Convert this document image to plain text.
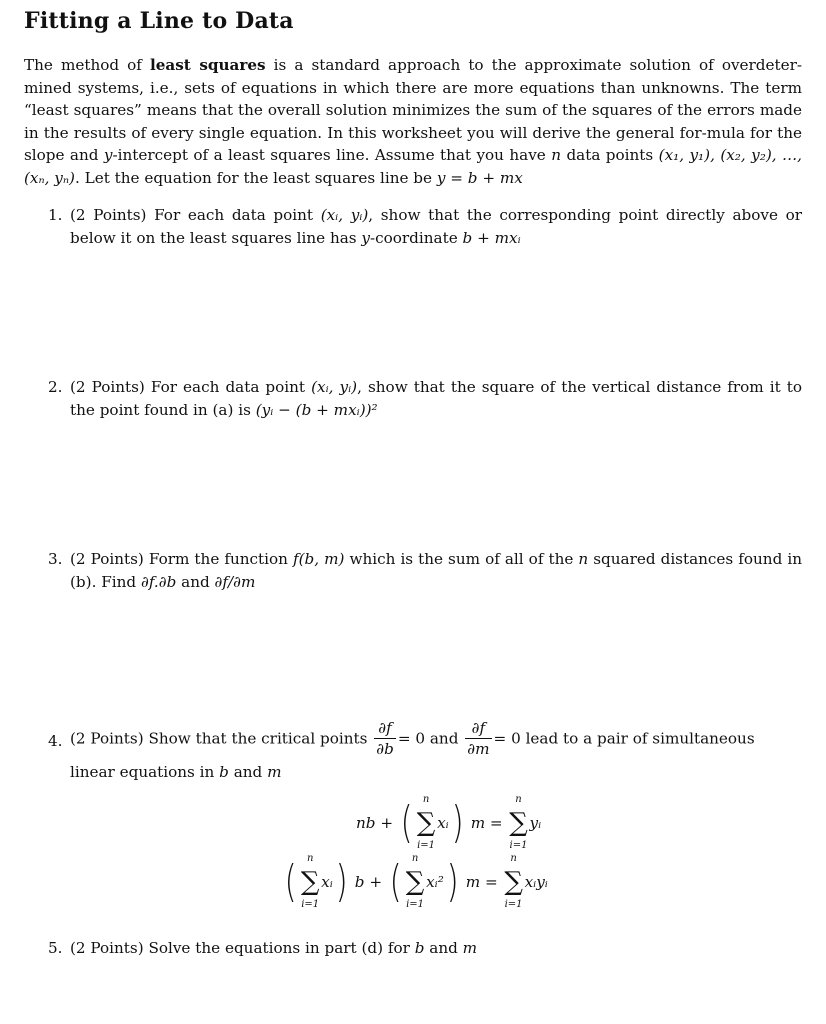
Fitting a Line to Data
The method of least squares is a standard approach to the approximate solution of overdeter-mined systems, i.e., sets of equations in which there are more equations than unknowns. The term “least squares” means that the overall solution minimizes the sum of the squares of the errors made in the results of every single equation. In this worksheet you will derive the general for-mula for the slope and y-intercept of a least squares line. Assume that you have n data points (x₁, y₁), (x₂, y₂), …, (xₙ, yₙ). Let the equation for the least squares line be y = b + mx
1. (2 Points) For each data point (xᵢ, yᵢ), show that the corresponding point directly above or below it on the least squares line has y-coordinate b + mxᵢ
2. (2 Points) For each data point (xᵢ, yᵢ), show that the square of the vertical distance from it to the point found in (a) is (yᵢ − (b + mxᵢ))²
3. (2 Points) Form the function f(b, m) which is the sum of all of the n squared distances found in (b). Find ∂f.∂b and ∂f/∂m
4. (2 Points) Show that the critical points $\frac{\partial f}{\partial b} = 0$ and $\frac{\partial f}{\partial m} = 0$ lead to a pair of simultaneous
linear equations in b and m
nb + (	n
∑
i=1
xᵢ) m =
n
∑
i=1
yᵢ
(	n
∑
i=1
xᵢ) b + (	n
∑
i=1
xᵢ²) m =
n
∑
i=1
xᵢyᵢ
5. (2 Points) Solve the equations in part (d) for b and m
